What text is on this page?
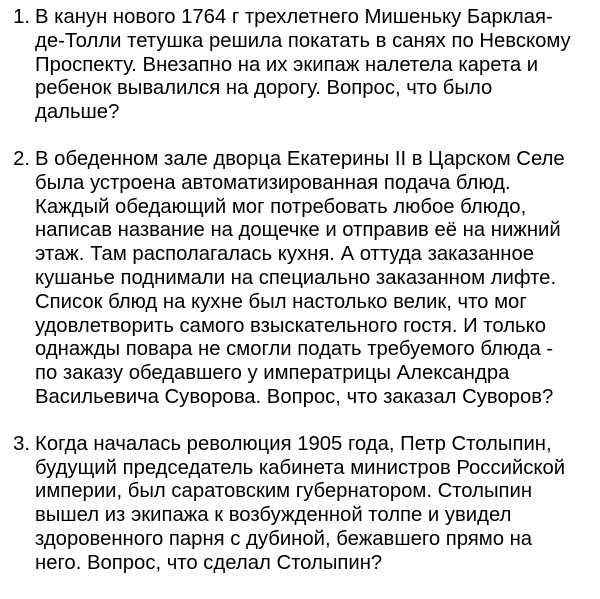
1. В канун нового 1764 г трехлетнего Мишеньку Барклая-
де-Толли тетушка решила покатать в санях по Невскому
Проспекту. Внезапно на их экипаж налетела карета и
ребенок вывалился на дорогу. Вопрос, что было
дальше?
2. В обеденном зале дворца Екатерины II в Царском Селе
была устроена автоматизированная подача блюд.
Каждый обедающий мог потребовать любое блюдо,
написав название на дощечке и отправив её на нижний
этаж. Там располагалась кухня. А оттуда заказанное
кушанье поднимали на специально заказанном лифте.
Список блюд на кухне был настолько велик, что мог
удовлетворить самого взыскательного гостя. И только
однажды повара не смогли подать требуемого блюда -
по заказу обедавшего у императрицы Александра
Васильевича Суворова. Вопрос, что заказал Суворов?
3. Когда началась революция 1905 года, Петр Столыпин,
будущий председатель кабинета министров Российской
империи, был саратовским губернатором. Столыпин
вышел из экипажа к возбужденной толпе и увидел
здоровенного парня с дубиной, бежавшего прямо на
него. Вопрос, что сделал Столыпин?
